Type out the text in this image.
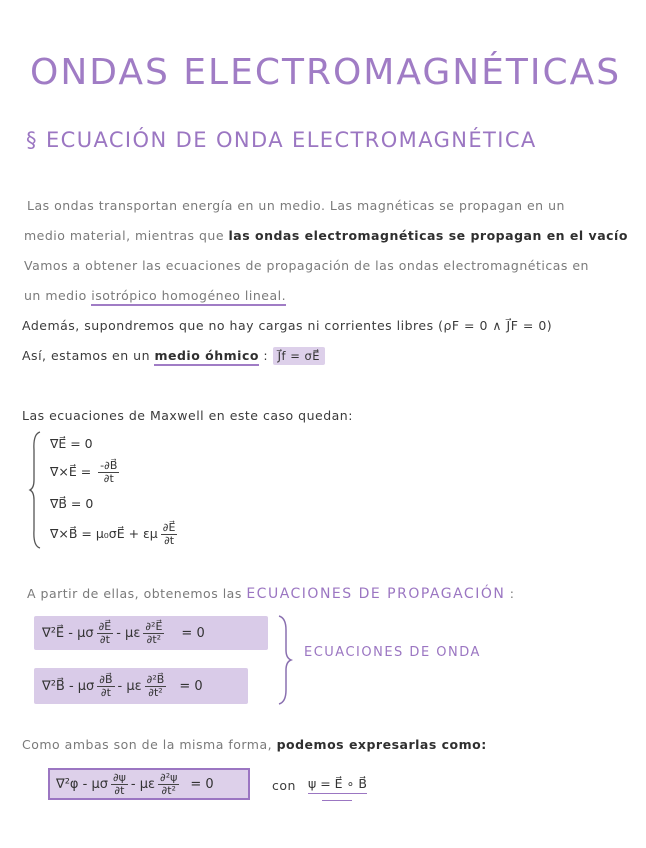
ONDAS ELECTROMAGNÉTICAS
§ ECUACIÓN DE ONDA ELECTROMAGNÉTICA
Las ondas transportan energía en un medio. Las magnéticas se propagan en un
medio material, mientras que las ondas electromagnéticas se propagan en el vacío
Vamos a obtener las ecuaciones de propagación de las ondas electromagnéticas en
un medio isotrópico homogéneo lineal.
Además, supondremos que no hay cargas ni corrientes libres (ρF = 0 ∧ J⃗F = 0)
Así, estamos en un medio óhmico : J⃗f = σE⃗
Las ecuaciones de Maxwell en este caso quedan:
∇E⃗ = 0
∇×E⃗ = $\frac{-\partial B⃗}{\partial t}$
∇B⃗ = 0
∇×B⃗ = μ₀σE⃗ + εμ $\frac{\partial E⃗}{\partial t}$
A partir de ellas, obtenemos las ECUACIONES DE PROPAGACIÓN :
∇²E⃗ - μσ $\frac{\partial E⃗}{\partial t} - \mu\varepsilon \frac{\text{∂²E⃗}}{\text{∂t²}} = 0$
∇²B⃗ - μσ $\frac{\partial B⃗}{\partial t} - \mu\varepsilon \frac{\text{∂²B⃗}}{\text{∂t²}} = 0$
ECUACIONES DE ONDA
Como ambas son de la misma forma, podemos expresarlas como:
∇²φ - μσ $\frac{\partial\psi}{\partial t} - \mu\varepsilon \frac{\text{∂²ψ}}{\text{∂t²}} = 0$	con ψ = E⃗ ∘ B⃗
